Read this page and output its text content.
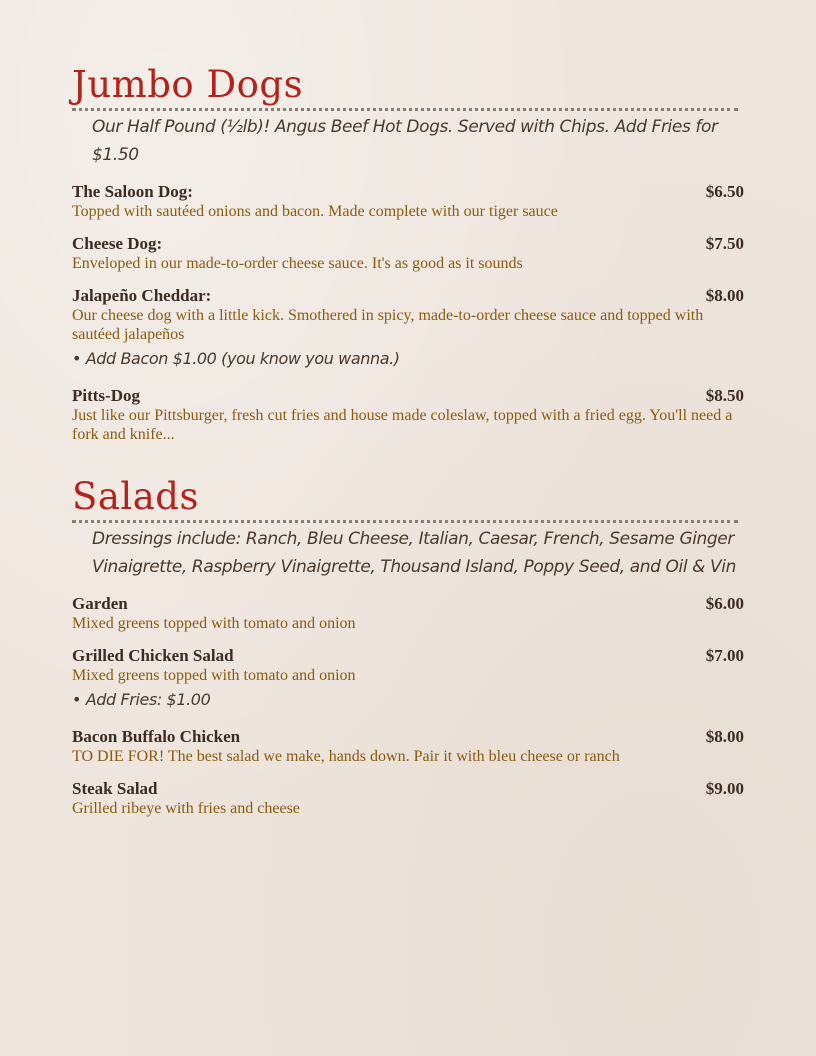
Jumbo Dogs
Our Half Pound (½lb)! Angus Beef Hot Dogs. Served with Chips. Add Fries for $1.50
The Saloon Dog:	$6.50
Topped with sautéed onions and bacon. Made complete with our tiger sauce
Cheese Dog:	$7.50
Enveloped in our made-to-order cheese sauce. It's as good as it sounds
Jalapeño Cheddar:	$8.00
Our cheese dog with a little kick. Smothered in spicy, made-to-order cheese sauce and topped with sautéed jalapeños
• Add Bacon $1.00 (you know you wanna.)
Pitts-Dog	$8.50
Just like our Pittsburger, fresh cut fries and house made coleslaw, topped with a fried egg. You'll need a fork and knife...
Salads
Dressings include: Ranch, Bleu Cheese, Italian, Caesar, French, Sesame Ginger Vinaigrette, Raspberry Vinaigrette, Thousand Island, Poppy Seed, and Oil & Vin
Garden	$6.00
Mixed greens topped with tomato and onion
Grilled Chicken Salad	$7.00
Mixed greens topped with tomato and onion
• Add Fries: $1.00
Bacon Buffalo Chicken	$8.00
TO DIE FOR! The best salad we make, hands down. Pair it with bleu cheese or ranch
Steak Salad	$9.00
Grilled ribeye with fries and cheese
